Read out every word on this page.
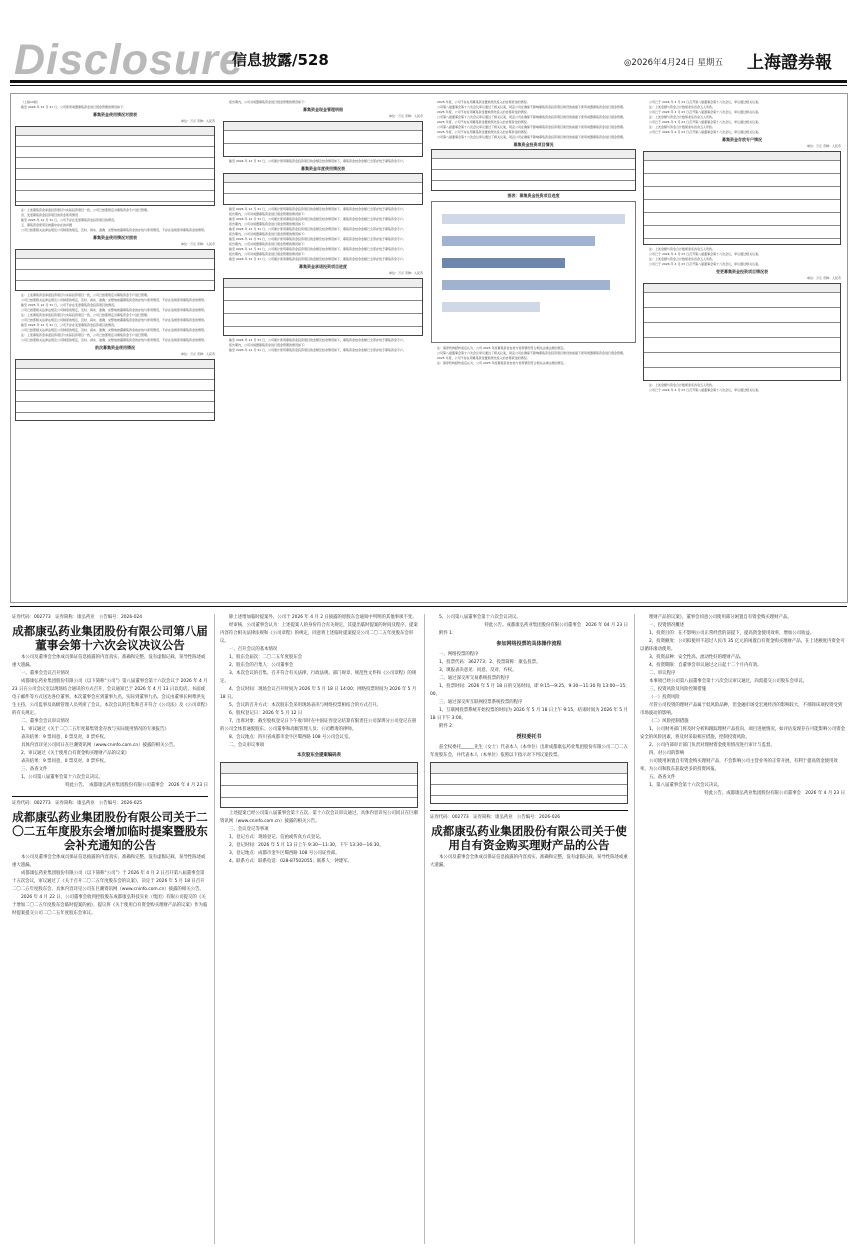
Disclosure
信息披露/528	◎2026年4月24日 星期五 上海證券報

（上接12版）

截至 2026 年 12 月 31 日，公司使用闲置募集资金进行现金管理的情况如下：

募集资金使用情况对照表
单位：万元 币种：人民币

注：上述募集资金承诺投资项目与实际投资项目一致，公司已按照规定对募集资金专户进行管理。

四、变更募集资金投资项目的资金使用情况

截至 2025 年 12 月 31 日，公司不存在变更募集资金投资项目的情况。

五、募集资金使用及披露中存在的问题

公司已按照相关法律法规及公司制度的规定，及时、真实、准确、完整地披露募集资金的存放与使用情况，不存在违规使用募集资金的情形。

募集资金使用情况对照表
单位：万元 币种：人民币

注：上述募集资金承诺投资项目与实际投资项目一致，公司已按照规定对募集资金专户进行管理。

公司已按照相关法律法规及公司制度的规定，及时、真实、准确、完整地披露募集资金的存放与使用情况，不存在违规使用募集资金的情形。

截至 2025 年 12 月 31 日，公司不存在变更募集资金投资项目的情况。

公司已按照相关法律法规及公司制度的规定，及时、真实、准确、完整地披露募集资金的存放与使用情况，不存在违规使用募集资金的情形。

注：上述募集资金承诺投资项目与实际投资项目一致，公司已按照规定对募集资金专户进行管理。

公司已按照相关法律法规及公司制度的规定，及时、真实、准确、完整地披露募集资金的存放与使用情况，不存在违规使用募集资金的情形。

截至 2025 年 12 月 31 日，公司不存在变更募集资金投资项目的情况。

公司已按照相关法律法规及公司制度的规定，及时、真实、准确、完整地披露募集资金的存放与使用情况，不存在违规使用募集资金的情形。

注：上述募集资金承诺投资项目与实际投资项目一致，公司已按照规定对募集资金专户进行管理。

公司已按照相关法律法规及公司制度的规定，及时、真实、准确、完整地披露募集资金的存放与使用情况，不存在违规使用募集资金的情形。

前次募集资金使用情况
单位：万元 币种：人民币

报告期内，公司对闲置募集资金进行现金管理的情况如下：

募集资金现金管理明细
单位：万元 币种：人民币

截至 2026 年 12 月 31 日，公司累计使用募集资金投资项目的金额及结余情况如下，募集资金结余金额已全部存放于募集资金专户。

募集资金年度使用情况表

截至 2026 年 12 月 31 日，公司累计使用募集资金投资项目的金额及结余情况如下，募集资金结余金额已全部存放于募集资金专户。

报告期内，公司对闲置募集资金进行现金管理的情况如下：

截至 2026 年 12 月 31 日，公司累计使用募集资金投资项目的金额及结余情况如下，募集资金结余金额已全部存放于募集资金专户。

报告期内，公司对闲置募集资金进行现金管理的情况如下：

截至 2026 年 12 月 31 日，公司累计使用募集资金投资项目的金额及结余情况如下，募集资金结余金额已全部存放于募集资金专户。

报告期内，公司对闲置募集资金进行现金管理的情况如下：

截至 2026 年 12 月 31 日，公司累计使用募集资金投资项目的金额及结余情况如下，募集资金结余金额已全部存放于募集资金专户。

报告期内，公司对闲置募集资金进行现金管理的情况如下：

截至 2026 年 12 月 31 日，公司累计使用募集资金投资项目的金额及结余情况如下，募集资金结余金额已全部存放于募集资金专户。

报告期内，公司对闲置募集资金进行现金管理的情况如下：

截至 2026 年 12 月 31 日，公司累计使用募集资金投资项目的金额及结余情况如下，募集资金结余金额已全部存放于募集资金专户。

募集资金承诺投资项目进度
单位：万元 币种：人民币

截至 2026 年 12 月 31 日，公司累计使用募集资金投资项目的金额及结余情况如下，募集资金结余金额已全部存放于募集资金专户。

报告期内，公司对闲置募集资金进行现金管理的情况如下：

截至 2026 年 12 月 31 日，公司累计使用募集资金投资项目的金额及结余情况如下，募集资金结余金额已全部存放于募集资金专户。

2025 年度，公司不存在用募集资金置换预先投入的自筹资金的情况。

公司第八届董事会第十六次会议审议通过了相关议案，同意公司在确保不影响募集资金投资项目建设的前提下使用闲置募集资金进行现金管理。

2025 年度，公司不存在用募集资金置换预先投入的自筹资金的情况。

公司第八届董事会第十六次会议审议通过了相关议案，同意公司在确保不影响募集资金投资项目建设的前提下使用闲置募集资金进行现金管理。

2025 年度，公司不存在用募集资金置换预先投入的自筹资金的情况。

公司第八届董事会第十六次会议审议通过了相关议案，同意公司在确保不影响募集资金投资项目建设的前提下使用闲置募集资金进行现金管理。

2025 年度，公司不存在用募集资金置换预先投入的自筹资金的情况。

公司第八届董事会第十六次会议审议通过了相关议案，同意公司在确保不影响募集资金投资项目建设的前提下使用闲置募集资金进行现金管理。

募集资金投资项目情况
图表：募集资金投资项目进度

注：保荐机构经核查后认为，公司 2025 年度募集资金存放与使用情况符合相关法律法规的规定。

公司第八届董事会第十六次会议审议通过了相关议案，同意公司在确保不影响募集资金投资项目建设的前提下使用闲置募集资金进行现金管理。

2025 年度，公司不存在用募集资金置换预先投入的自筹资金的情况。

注：保荐机构经核查后认为，公司 2025 年度募集资金存放与使用情况符合相关法律法规的规定。

公司已于 2026 年 4 月 23 日召开第八届董事会第十六次会议，审议通过相关议案。

注：上述金额与资金合计数尾差系四舍五入所致。

公司已于 2026 年 4 月 23 日召开第八届董事会第十六次会议，审议通过相关议案。

注：上述金额与资金合计数尾差系四舍五入所致。

公司已于 2026 年 4 月 23 日召开第八届董事会第十六次会议，审议通过相关议案。

注：上述金额与资金合计数尾差系四舍五入所致。

公司已于 2026 年 4 月 23 日召开第八届董事会第十六次会议，审议通过相关议案。

募集资金存放专户情况
单位：万元 币种：人民币

注：上述金额与资金合计数尾差系四舍五入所致。

公司已于 2026 年 4 月 23 日召开第八届董事会第十六次会议，审议通过相关议案。

注：上述金额与资金合计数尾差系四舍五入所致。

公司已于 2026 年 4 月 23 日召开第八届董事会第十六次会议，审议通过相关议案。

变更募集资金投资项目情况表
单位：万元 币种：人民币

注：上述金额与资金合计数尾差系四舍五入所致。

公司已于 2026 年 4 月 23 日召开第八届董事会第十六次会议，审议通过相关议案。

证券代码：002773　证券简称：康弘药业　公告编号：2026-024

成都康弘药业集团股份有限公司第八届董事会第十六次会议决议公告

本公司及董事会全体成员保证信息披露的内容真实、准确和完整，没有虚假记载、误导性陈述或重大遗漏。

一、董事会会议召开情况

成都康弘药业集团股份有限公司（以下简称“公司”）第八届董事会第十六次会议于 2026 年 4 月 23 日在公司会议室以现场结合通讯的方式召开，会议通知已于 2026 年 4 月 13 日以电话、书面或电子邮件等方式送达各位董事。本次董事会应到董事九名，实际到董事九名。会议由董事长柯尊洪先生主持，公司监事及高级管理人员列席了会议。本次会议的召集和召开符合《公司法》及《公司章程》的有关规定。

二、董事会会议审议情况

1、审议通过《关于二〇二五年度募集资金存放与实际使用情况的专项报告》

表决结果：9 票同意，0 票反对，0 票弃权。

具体内容详见公司同日在巨潮资讯网（www.cninfo.com.cn）披露的相关公告。

2、审议通过《关于使用自有资金购买理财产品的议案》

表决结果：9 票同意，0 票反对，0 票弃权。

三、备查文件

1、公司第八届董事会第十六次会议决议。

特此公告。　成都康弘药业集团股份有限公司董事会　2026 年 4 月 23 日

证券代码：002773　证券简称：康弘药业　公告编号：2026-025

成都康弘药业集团股份有限公司关于二〇二五年度股东会增加临时提案暨股东会补充通知的公告

本公司及董事会全体成员保证信息披露的内容真实、准确和完整，没有虚假记载、误导性陈述或重大遗漏。

成都康弘药业集团股份有限公司（以下简称“公司”）于 2026 年 4 月 2 日召开第八届董事会第十五次会议，审议通过了《关于召开二〇二五年度股东会的议案》，决定于 2026 年 5 月 18 日召开二〇二五年度股东会，具体内容详见公司在巨潮资讯网（www.cninfo.com.cn）披露的相关公告。

2026 年 4 月 22 日，公司董事会收到控股股东成都康弘科技实业（集团）有限公司提交的《关于增加二〇二五年度股东会临时提案的函》，提议将《关于使用自有资金购买理财产品的议案》作为临时提案提交公司二〇二五年度股东会审议。

除上述增加临时提案外，公司于 2026 年 4 月 2 日披露的原股东会通知中列明的其他事项不变。

经审核，公司董事会认为：上述提案人的身份符合有关规定，其提出临时提案的时间及程序、提案内容符合相关法律法规和《公司章程》的规定，同意将上述临时提案提交公司二〇二五年度股东会审议。

一、召开会议的基本情况

1、股东会届次：二〇二五年度股东会

2、股东会的召集人：公司董事会

3、本次会议的召集、召开符合有关法律、行政法规、部门规章、规范性文件和《公司章程》的规定。

4、会议时间：现场会议召开时间为 2026 年 5 月 18 日 14:00；网络投票时间为 2026 年 5 月 18 日。

5、会议的召开方式：本次股东会采用现场表决与网络投票相结合的方式召开。

6、股权登记日：2026 年 5 月 12 日

7、出席对象：截至股权登记日下午收市时在中国证券登记结算有限责任公司深圳分公司登记在册的公司全体普通股股东；公司董事和高级管理人员；公司聘请的律师。

8、会议地点：四川省成都市金牛区蜀西路 108 号公司会议室。

二、会议审议事项

本次股东会提案编码表

上述提案已经公司第八届董事会第十五次、第十六次会议审议通过，具体内容详见公司同日在巨潮资讯网（www.cninfo.com.cn）披露的相关公告。

三、会议登记等事项

1、登记方式：现场登记、信函或传真方式登记。

2、登记时间：2026 年 5 月 13 日上午 9:30—11:30，下午 13:30—16:30。

3、登记地点：成都市金牛区蜀西路 108 号公司证券部。

4、联系方式：联系电话：028-87502055；联系人：钟建军。

5、公司第八届董事会第十六次会议决议。

特此公告。成都康弘药业集团股份有限公司董事会　2026 年 04 月 23 日

附件 1：

参加网络投票的具体操作流程

一、网络投票的程序

1、投票代码：362773；2、投票简称：康弘投票。

3、填报表决意见：同意、反对、弃权。

二、通过深交所交易系统投票的程序

1、投票时间：2026 年 5 月 18 日的交易时间，即 9:15—9:25，9:30—11:30 和 13:00—15:00。

三、通过深交所互联网投票系统投票的程序

1、互联网投票系统开始投票的时间为 2026 年 5 月 18 日上午 9:15，结束时间为 2026 年 5 月 18 日下午 3:00。

附件 2：

授权委托书

兹全权委托______先生（女士）代表本人（本单位）出席成都康弘药业集团股份有限公司二〇二五年度股东会，并代表本人（本单位）依照以下指示对下列议案投票。

证券代码：002773　证券简称：康弘药业　公告编号：2026-026

成都康弘药业集团股份有限公司关于使用自有资金购买理财产品的公告

本公司及董事会全体成员保证信息披露的内容真实、准确和完整，没有虚假记载、误导性陈述或重大遗漏。

理财产品的议案》，董事会同意公司使用部分闲置自有资金购买理财产品。

一、投资情况概述

1、投资目的：在不影响公司正常经营的前提下，提高资金使用效率，增加公司收益。

2、投资额度：公司拟使用不超过人民币 35 亿元的闲置自有资金购买理财产品，在上述额度内资金可以循环滚动使用。

3、投资品种：安全性高、流动性好的理财产品。

4、投资期限：自董事会审议通过之日起十二个月内有效。

二、审议程序

本事项已经公司第八届董事会第十六次会议审议通过，尚需提交公司股东会审议。

三、投资风险及风险控制措施

（一）投资风险

尽管公司投资的理财产品属于低风险品种，但金融市场受宏观经济的影响较大，不排除该项投资受到市场波动的影响。

（二）风险控制措施

1、公司财务部门将及时分析和跟踪理财产品投向、项目进展情况，如评估发现存在可能影响公司资金安全的风险因素，将及时采取相应措施，控制投资风险。

2、公司内部审计部门负责对理财资金使用情况进行审计与监督。

四、对公司的影响

公司使用闲置自有资金购买理财产品，不会影响公司主营业务的正常开展，有利于提高资金使用效率，为公司和股东获取更多的投资回报。

五、备查文件

1、第八届董事会第十六次会议决议。

特此公告。成都康弘药业集团股份有限公司董事会　2026 年 4 月 23 日
